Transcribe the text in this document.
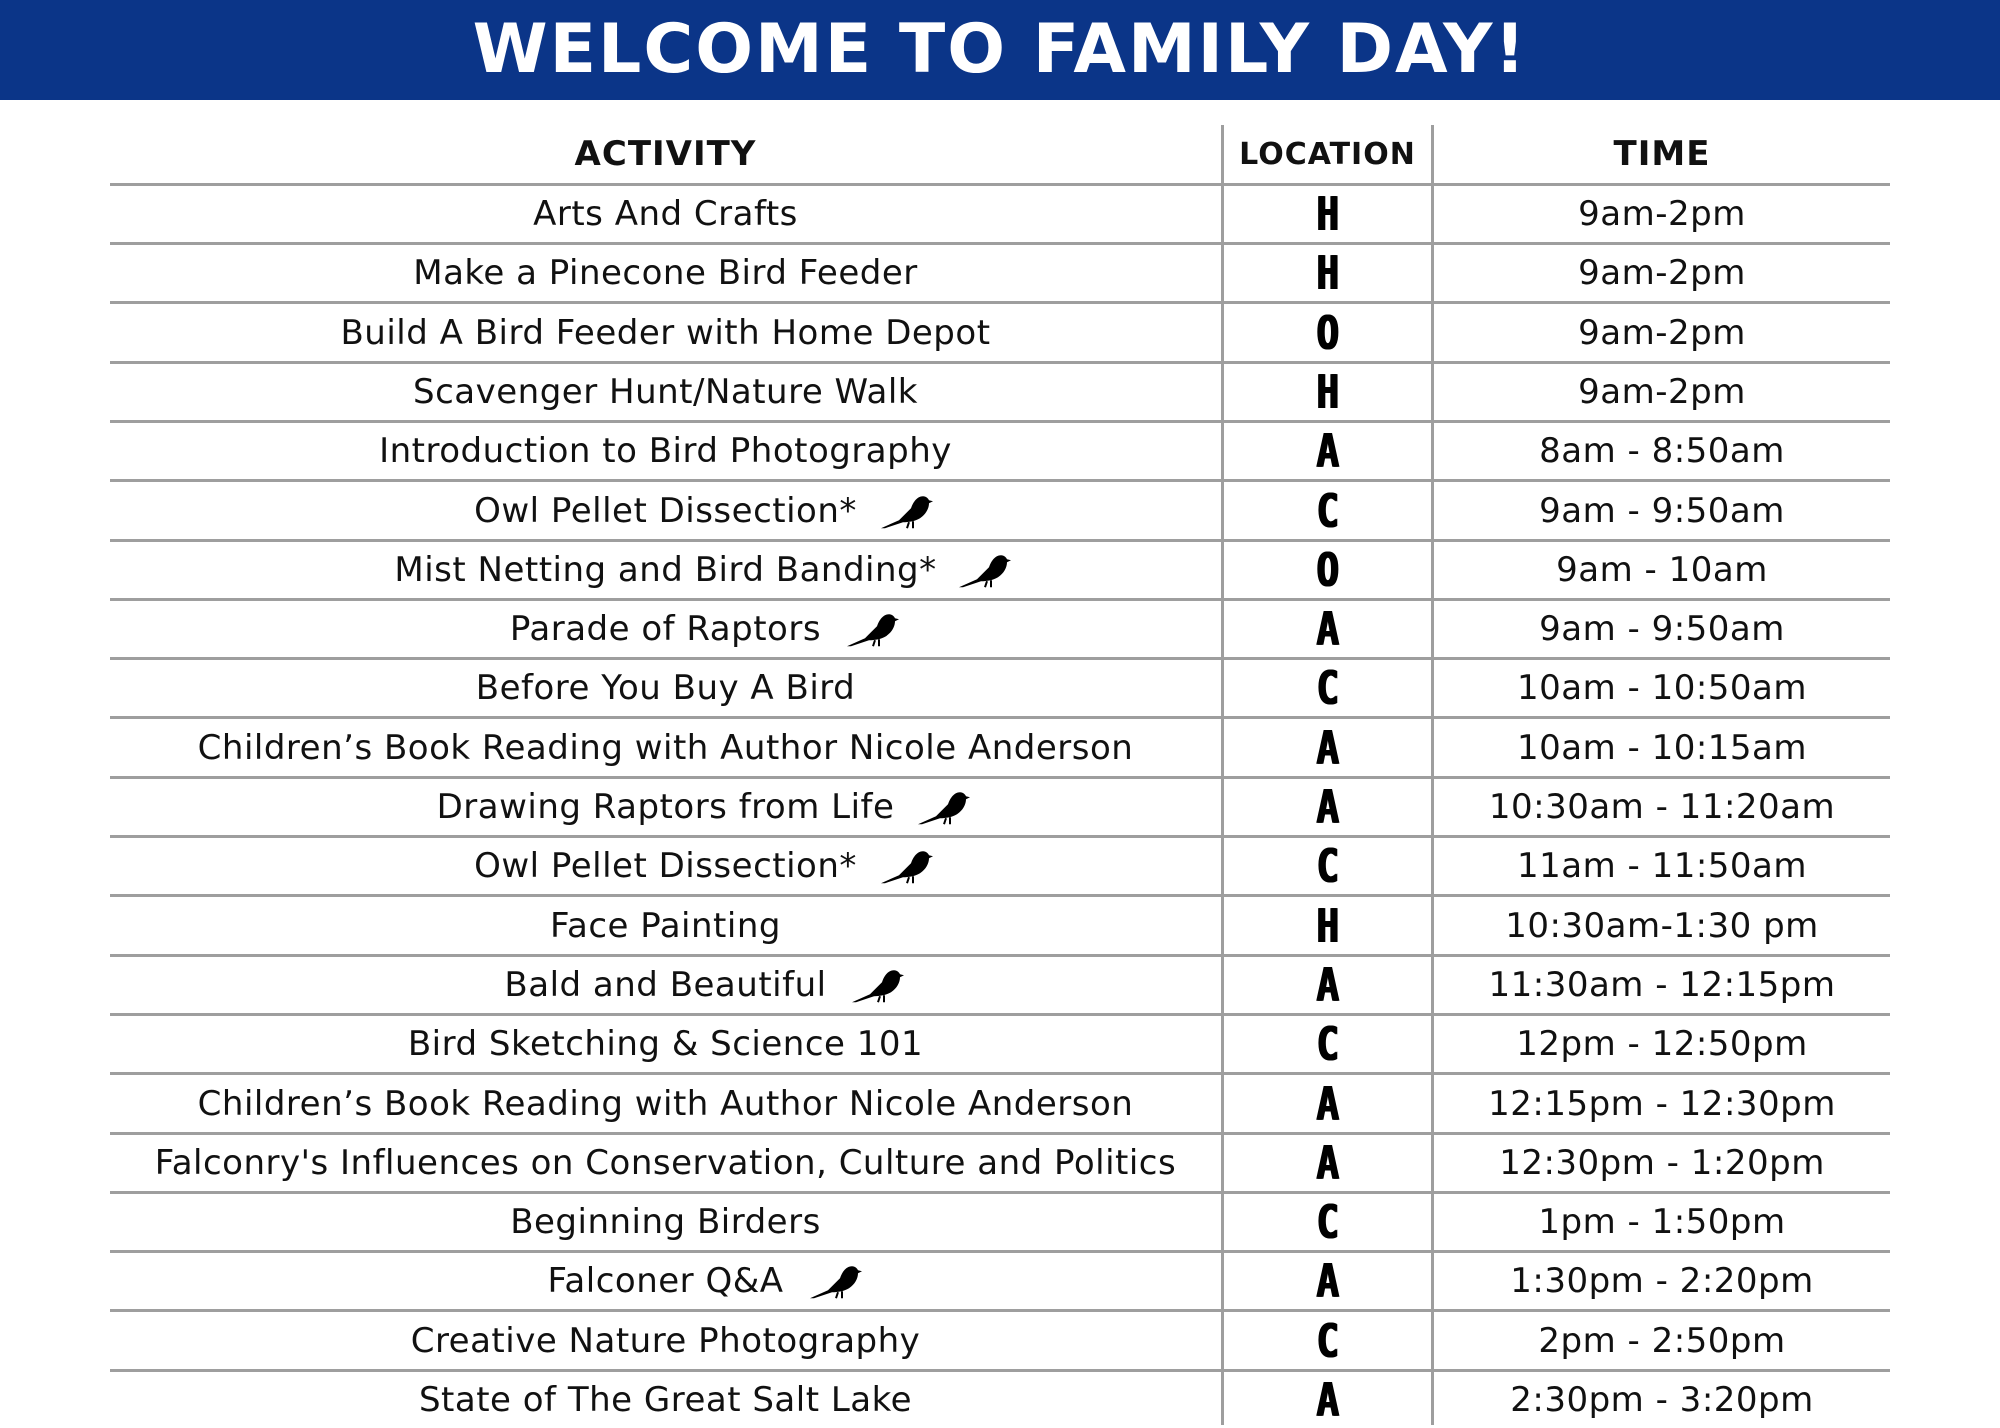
WELCOME TO FAMILY DAY!
ACTIVITY	LOCATION	TIME
Arts And Crafts	H	9am-2pm
Make a Pinecone Bird Feeder	H	9am-2pm
Build A Bird Feeder with Home Depot	O	9am-2pm
Scavenger Hunt/Nature Walk	H	9am-2pm
Introduction to Bird Photography	A	8am - 8:50am
Owl Pellet Dissection*	C	9am - 9:50am
Mist Netting and Bird Banding*	O	9am - 10am
Parade of Raptors	A	9am - 9:50am
Before You Buy A Bird	C	10am - 10:50am
Children’s Book Reading with Author Nicole Anderson	A	10am - 10:15am
Drawing Raptors from Life	A	10:30am - 11:20am
Owl Pellet Dissection*	C	11am - 11:50am
Face Painting	H	10:30am-1:30 pm
Bald and Beautiful	A	11:30am - 12:15pm
Bird Sketching & Science 101	C	12pm - 12:50pm
Children’s Book Reading with Author Nicole Anderson	A	12:15pm - 12:30pm
Falconry's Influences on Conservation, Culture and Politics	A	12:30pm - 1:20pm
Beginning Birders	C	1pm - 1:50pm
Falconer Q&A	A	1:30pm - 2:20pm
Creative Nature Photography	C	2pm - 2:50pm
State of The Great Salt Lake	A	2:30pm - 3:20pm
